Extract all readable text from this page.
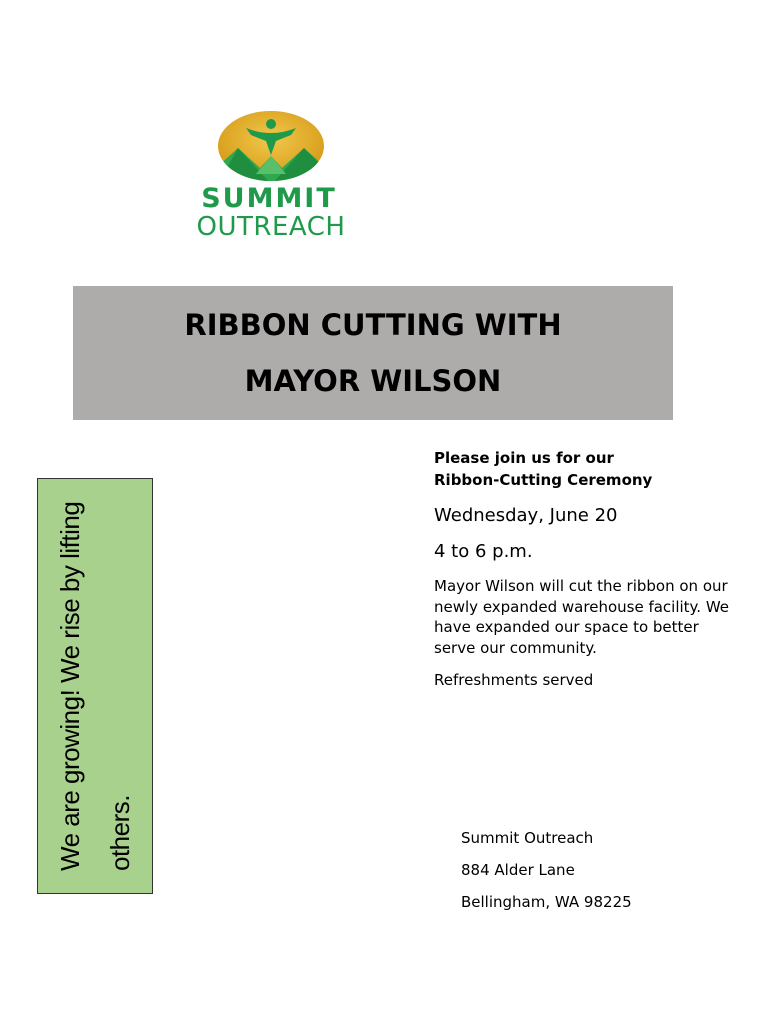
SUMMIT
OUTREACH
RIBBON CUTTING WITH
MAYOR WILSON
We are growing! We rise by lifting others.

Please join us for our
Ribbon-Cutting Ceremony

Wednesday, June 20
4 to 6 p.m.
Mayor Wilson will cut the ribbon on our newly expanded warehouse facility. We have expanded our space to better serve our community.
Refreshments served
Summit Outreach
884 Alder Lane
Bellingham, WA 98225
